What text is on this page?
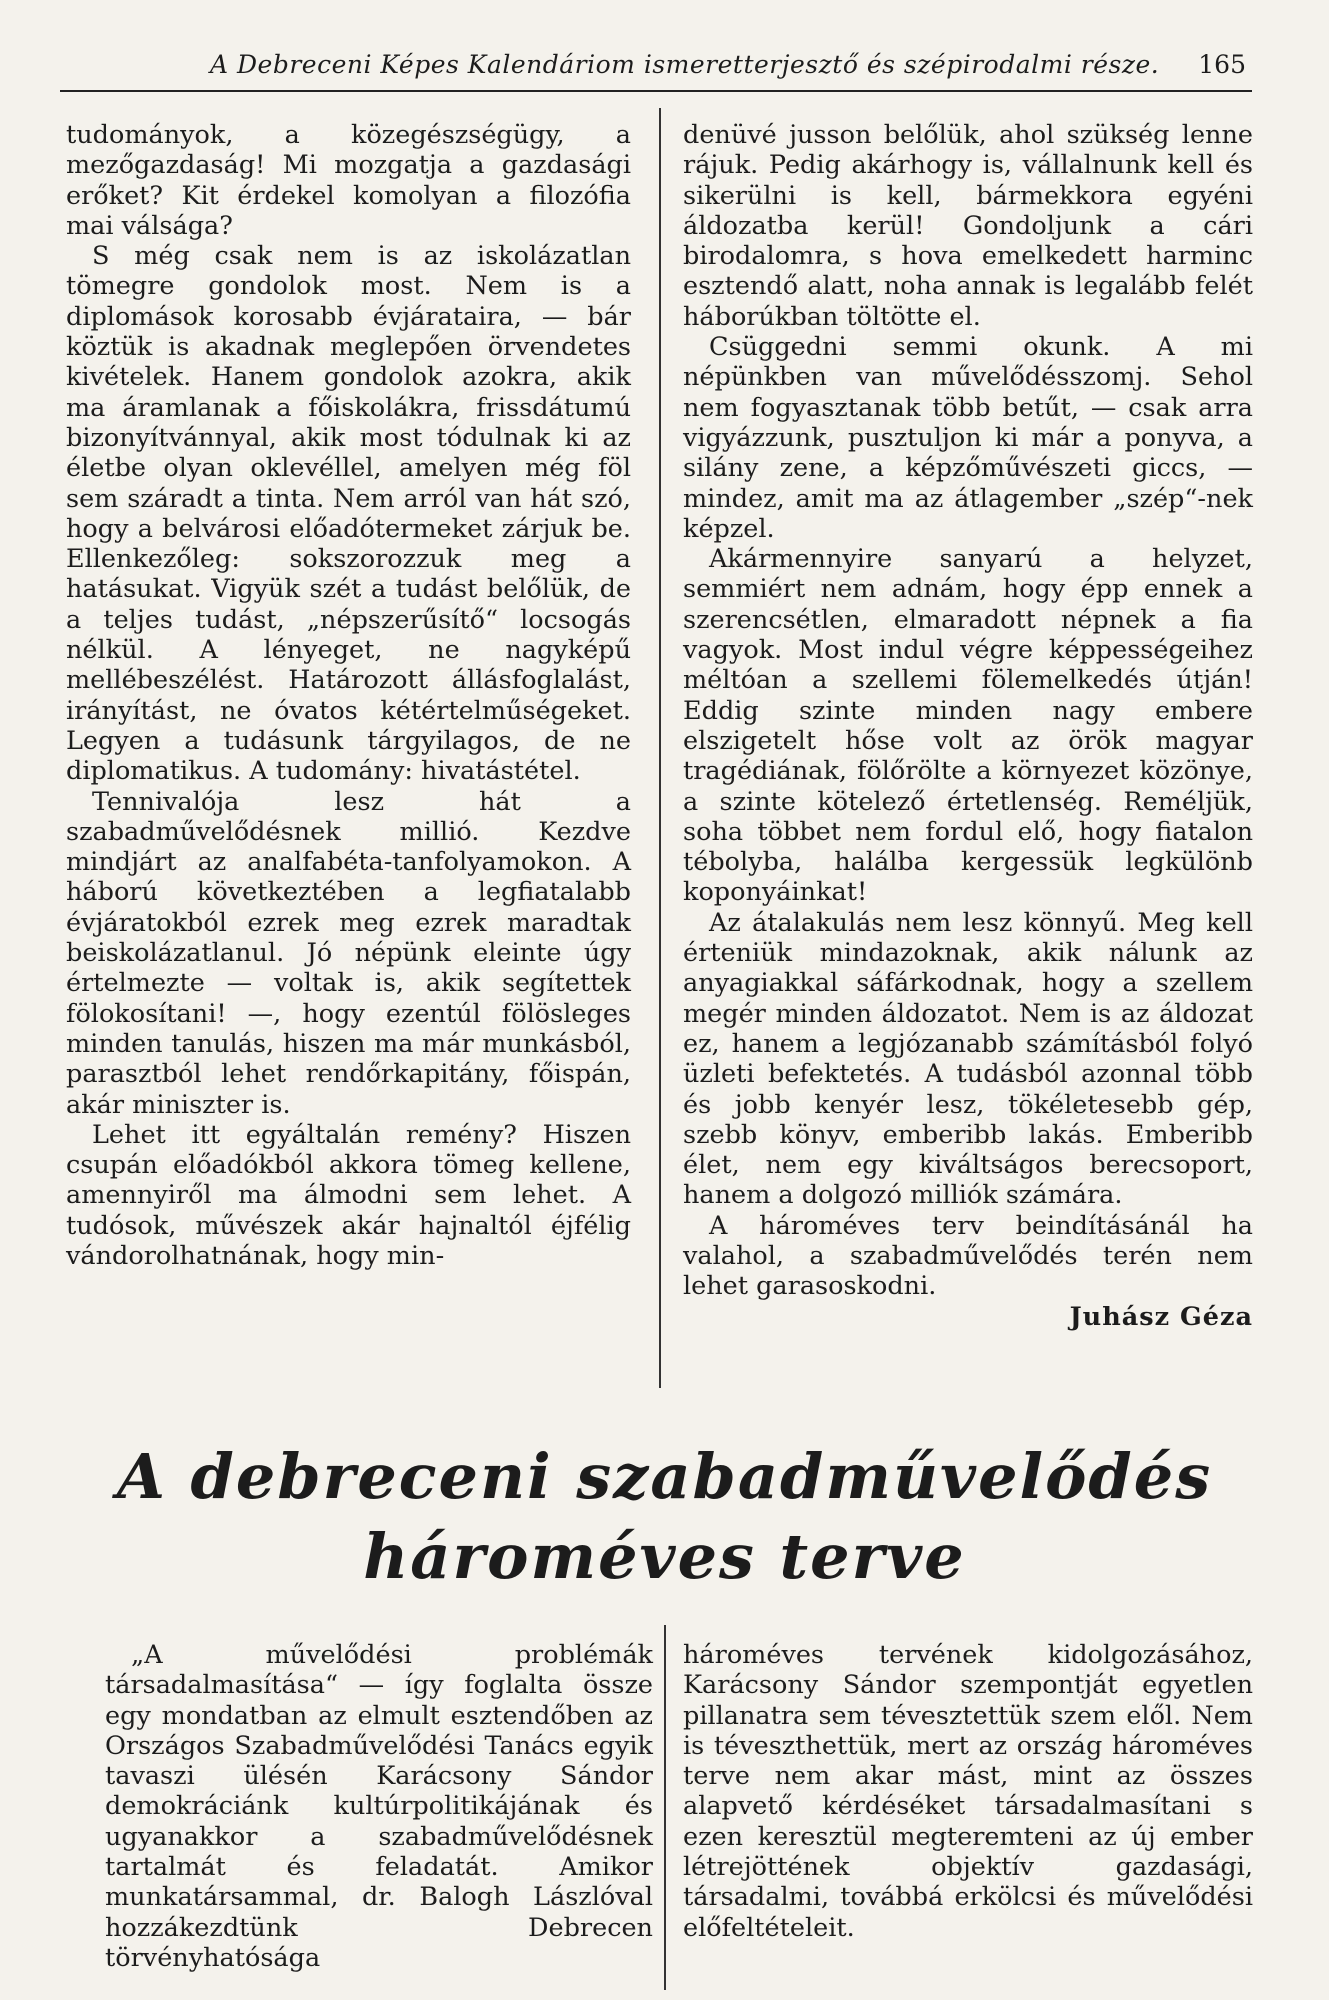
A Debreceni Képes Kalendáriom ismeretterjesztő és szépirodalmi része. 165

tudományok, a közegészségügy, a mezőgazdaság! Mi mozgatja a gazdasági erőket? Kit érdekel komolyan a filozófia mai válsága?

S még csak nem is az iskolázatlan tömegre gondolok most. Nem is a diplomások korosabb évjárataira, — bár köztük is akadnak meglepően örvendetes kivételek. Hanem gondolok azokra, akik ma áramlanak a főiskolákra, frissdátumú bizonyítvánnyal, akik most tódulnak ki az életbe olyan oklevéllel, amelyen még föl sem száradt a tinta. Nem arról van hát szó, hogy a belvárosi előadótermeket zárjuk be. Ellenkezőleg: sokszorozzuk meg a hatásukat. Vigyük szét a tudást belőlük, de a teljes tudást, „népszerűsítő“ locsogás nélkül. A lényeget, ne nagyképű mellébeszélést. Határozott állásfoglalást, irányítást, ne óvatos kétértelműségeket. Legyen a tudásunk tárgyilagos, de ne diplomatikus. A tudomány: hivatástétel.

Tennivalója lesz hát a szabadművelődésnek millió. Kezdve mindjárt az analfabéta-tanfolyamokon. A háború következtében a legfiatalabb évjáratokból ezrek meg ezrek maradtak beiskolázatlanul. Jó népünk eleinte úgy értelmezte — voltak is, akik segítettek fölokosítani! —, hogy ezentúl fölösleges minden tanulás, hiszen ma már munkásból, parasztból lehet rendőrkapitány, főispán, akár miniszter is.

Lehet itt egyáltalán remény? Hiszen csupán előadókból akkora tömeg kellene, amennyiről ma álmodni sem lehet. A tudósok, művészek akár hajnaltól éjfélig vándorolhatnának, hogy min-

denüvé jusson belőlük, ahol szükség lenne rájuk. Pedig akárhogy is, vállalnunk kell és sikerülni is kell, bármekkora egyéni áldozatba kerül! Gondoljunk a cári birodalomra, s hova emelkedett harminc esztendő alatt, noha annak is legalább felét háborúkban töltötte el.

Csüggedni semmi okunk. A mi népünkben van művelődésszomj. Sehol nem fogyasztanak több betűt, — csak arra vigyázzunk, pusztuljon ki már a ponyva, a silány zene, a képzőművészeti giccs, — mindez, amit ma az átlagember „szép“-nek képzel.

Akármennyire sanyarú a helyzet, semmiért nem adnám, hogy épp ennek a szerencsétlen, elmaradott népnek a fia vagyok. Most indul végre képpességeihez méltóan a szellemi fölemelkedés útján! Eddig szinte minden nagy embere elszigetelt hőse volt az örök magyar tragédiának, fölőrölte a környezet közönye, a szinte kötelező értetlenség. Reméljük, soha többet nem fordul elő, hogy fiatalon tébolyba, halálba kergessük legkülönb koponyáinkat!

Az átalakulás nem lesz könnyű. Meg kell érteniük mindazoknak, akik nálunk az anyagiakkal sáfárkodnak, hogy a szellem megér minden áldozatot. Nem is az áldozat ez, hanem a legjózanabb számításból folyó üzleti befektetés. A tudásból azonnal több és jobb kenyér lesz, tökéletesebb gép, szebb könyv, emberibb lakás. Emberibb élet, nem egy kiváltságos berecsoport, hanem a dolgozó milliók számára.

A hároméves terv beindításánál ha valahol, a szabadművelődés terén nem lehet garasoskodni.

Juhász Géza
A debreceni szabadművelődés
hároméves terve

„A művelődési problémák társadalmasítása“ — így foglalta össze egy mondatban az elmult esztendőben az Országos Szabadművelődési Tanács egyik tavaszi ülésén Karácsony Sándor demokráciánk kultúrpolitikájának és ugyanakkor a szabadművelődésnek tartalmát és feladatát. Amikor munkatársammal, dr. Balogh Lászlóval hozzákezdtünk Debrecen törvényhatósága

hároméves tervének kidolgozásához, Karácsony Sándor szempontját egyetlen pillanatra sem tévesztettük szem elől. Nem is téveszthettük, mert az ország hároméves terve nem akar mást, mint az összes alapvető kérdéséket társadalmasítani s ezen keresztül megteremteni az új ember létrejöttének objektív gazdasági, társadalmi, továbbá erkölcsi és művelődési előfeltételeit.
